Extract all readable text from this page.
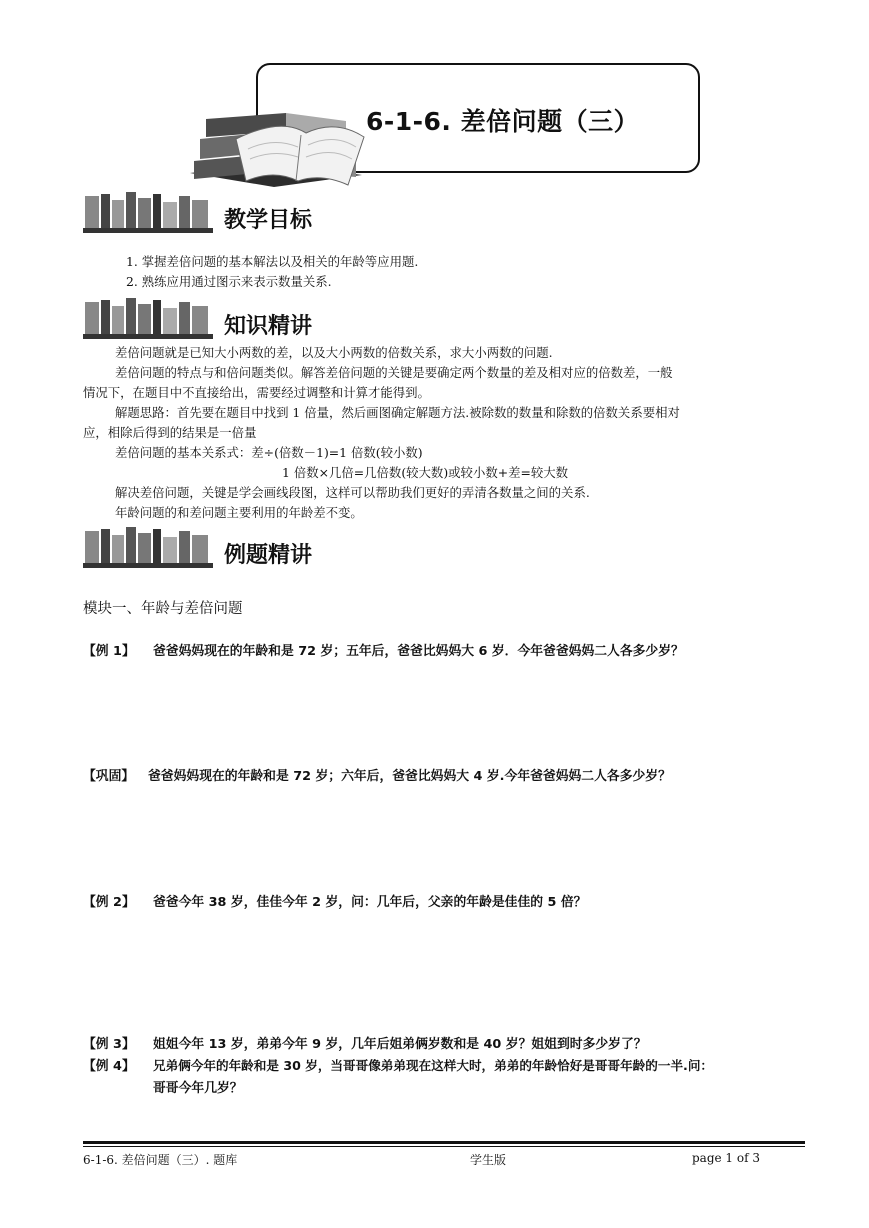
6-1-6. 差倍问题（三）
教学目标
1. 掌握差倍问题的基本解法以及相关的年龄等应用题.
2. 熟练应用通过图示来表示数量关系.
知识精讲
差倍问题就是已知大小两数的差，以及大小两数的倍数关系，求大小两数的问题.
差倍问题的特点与和倍问题类似。解答差倍问题的关键是要确定两个数量的差及相对应的倍数差，一般
情况下，在题目中不直接给出，需要经过调整和计算才能得到。
解题思路：首先要在题目中找到 1 倍量，然后画图确定解题方法.被除数的数量和除数的倍数关系要相对
应，相除后得到的结果是一倍量
差倍问题的基本关系式：差÷(倍数－1)=1 倍数(较小数)
1 倍数×几倍=几倍数(较大数)或较小数+差=较大数
解决差倍问题，关键是学会画线段图，这样可以帮助我们更好的弄清各数量之间的关系.
年龄问题的和差问题主要利用的年龄差不变。
例题精讲
模块一、年龄与差倍问题
【例 1】 爸爸妈妈现在的年龄和是 72 岁；五年后，爸爸比妈妈大 6 岁．今年爸爸妈妈二人各多少岁？
【巩固】 爸爸妈妈现在的年龄和是 72 岁；六年后，爸爸比妈妈大 4 岁.今年爸爸妈妈二人各多少岁？
【例 2】 爸爸今年 38 岁，佳佳今年 2 岁，问：几年后，父亲的年龄是佳佳的 5 倍？
【例 3】 姐姐今年 13 岁，弟弟今年 9 岁，几年后姐弟俩岁数和是 40 岁？姐姐到时多少岁了？
【例 4】 兄弟俩今年的年龄和是 30 岁，当哥哥像弟弟现在这样大时，弟弟的年龄恰好是哥哥年龄的一半.问：
哥哥今年几岁？
6-1-6. 差倍问题（三）. 题库	学生版	page 1 of 3
